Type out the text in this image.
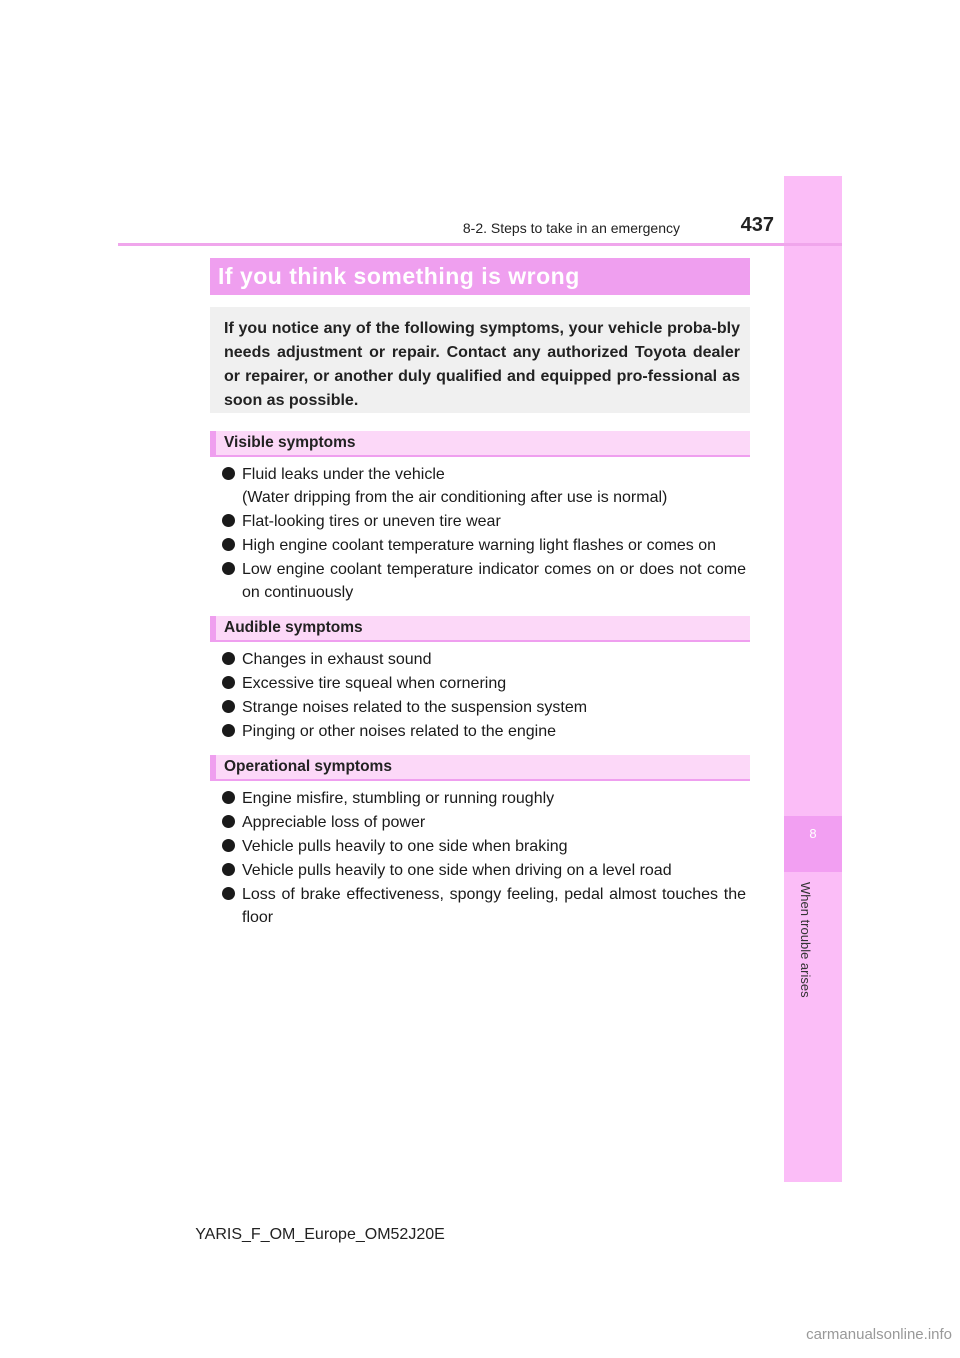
8
When trouble arises
8-2. Steps to take in an emergency	437
If you think something is wrong
If you notice any of the following symptoms, your vehicle proba-bly needs adjustment or repair. Contact any authorized Toyota dealer or repairer, or another duly qualified and equipped pro-fessional as soon as possible.
Visible symptoms
Fluid leaks under the vehicle
(Water dripping from the air conditioning after use is normal)
Flat-looking tires or uneven tire wear
High engine coolant temperature warning light flashes or comes on
Low engine coolant temperature indicator comes on or does not come on continuously
Audible symptoms
Changes in exhaust sound
Excessive tire squeal when cornering
Strange noises related to the suspension system
Pinging or other noises related to the engine
Operational symptoms
Engine misfire, stumbling or running roughly
Appreciable loss of power
Vehicle pulls heavily to one side when braking
Vehicle pulls heavily to one side when driving on a level road
Loss of brake effectiveness, spongy feeling, pedal almost touches the floor
YARIS_F_OM_Europe_OM52J20E
carmanualsonline.info
